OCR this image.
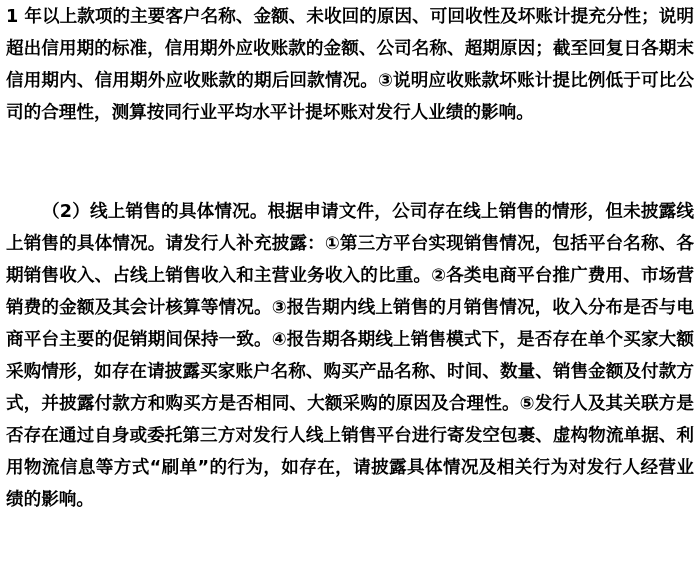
1 年以上款项的主要客户名称、金额、未收回的原因、可回收性及坏账计提充分性；说明超出信用期的标准，信用期外应收账款的金额、公司名称、超期原因；截至回复日各期末信用期内、信用期外应收账款的期后回款情况。③说明应收账款坏账计提比例低于可比公司的合理性，测算按同行业平均水平计提坏账对发行人业绩的影响。

（2）线上销售的具体情况。根据申请文件，公司存在线上销售的情形，但未披露线上销售的具体情况。请发行人补充披露：①第三方平台实现销售情况，包括平台名称、各期销售收入、占线上销售收入和主营业务收入的比重。②各类电商平台推广费用、市场营销费的金额及其会计核算等情况。③报告期内线上销售的月销售情况，收入分布是否与电商平台主要的促销期间保持一致。④报告期各期线上销售模式下，是否存在单个买家大额采购情形，如存在请披露买家账户名称、购买产品名称、时间、数量、销售金额及付款方式，并披露付款方和购买方是否相同、大额采购的原因及合理性。⑤发行人及其关联方是否存在通过自身或委托第三方对发行人线上销售平台进行寄发空包裹、虚构物流单据、利用物流信息等方式“刷单”的行为，如存在，请披露具体情况及相关行为对发行人经营业绩的影响。
